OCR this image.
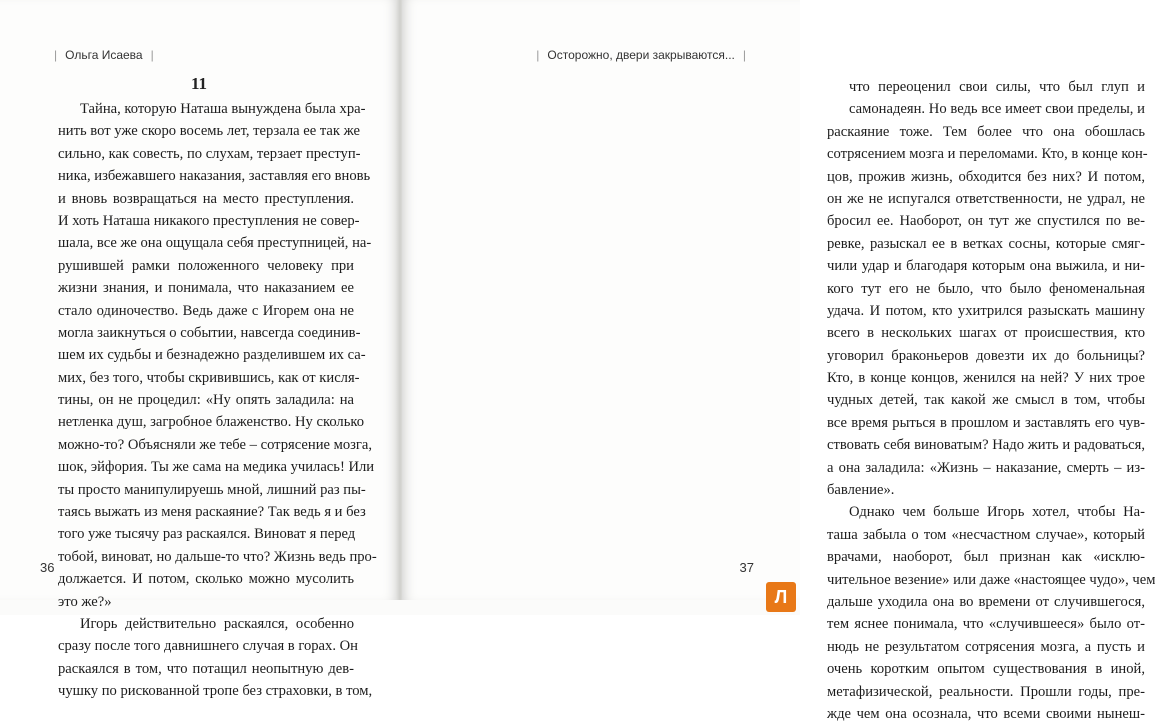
| Ольга Исаева |
11
Тайна, которую Наташа вынуждена была хра-
нить вот уже скоро восемь лет, терзала ее так же
сильно, как совесть, по слухам, терзает преступ-
ника, избежавшего наказания, заставляя его вновь
и вновь возвращаться на место преступления.
И хоть Наташа никакого преступления не совер-
шала, все же она ощущала себя преступницей, на-
рушившей рамки положенного человеку при
жизни знания, и понимала, что наказанием ее
стало одиночество. Ведь даже с Игорем она не
могла заикнуться о событии, навсегда соединив-
шем их судьбы и безнадежно разделившем их са-
мих, без того, чтобы скривившись, как от кисля-
тины, он не процедил: «Ну опять заладила: на
нетленка душ, загробное блаженство. Ну сколько
можно-то? Объясняли же тебе – сотрясение мозга,
шок, эйфория. Ты же сама на медика училась! Или
ты просто манипулируешь мной, лишний раз пы-
таясь выжать из меня раскаяние? Так ведь я и без
того уже тысячу раз раскаялся. Виноват я перед
тобой, виноват, но дальше-то что? Жизнь ведь про-
должается. И потом, сколько можно мусолить
это же?»
Игорь действительно раскаялся, особенно
сразу после того давнишнего случая в горах. Он
раскаялся в том, что потащил неопытную дев-
чушку по рискованной тропе без страховки, в том,
36
| Осторожно, двери закрываются... |
что переоценил свои силы, что был глуп и
самонадеян. Но ведь все имеет свои пределы, и
раскаяние тоже. Тем более что она обошлась
сотрясением мозга и переломами. Кто, в конце кон-
цов, прожив жизнь, обходится без них? И потом,
он же не испугался ответственности, не удрал, не
бросил ее. Наоборот, он тут же спустился по ве-
ревке, разыскал ее в ветках сосны, которые смяг-
чили удар и благодаря которым она выжила, и ни-
кого тут его не было, что было феноменальная
удача. И потом, кто ухитрился разыскать машину
всего в нескольких шагах от происшествия, кто
уговорил браконьеров довезти их до больницы?
Кто, в конце концов, женился на ней? У них трое
чудных детей, так какой же смысл в том, чтобы
все время рыться в прошлом и заставлять его чув-
ствовать себя виноватым? Надо жить и радоваться,
а она заладила: «Жизнь – наказание, смерть – из-
бавление».
Однако чем больше Игорь хотел, чтобы На-
таша забыла о том «несчастном случае», который
врачами, наоборот, был признан как «исклю-
чительное везение» или даже «настоящее чудо», чем
дальше уходила она во времени от случившегося,
тем яснее понимала, что «случившееся» было от-
нюдь не результатом сотрясения мозга, а пусть и
очень коротким опытом существования в иной,
метафизической, реальности. Прошли годы, пре-
жде чем она осознала, что всеми своими нынеш-
37
Л
